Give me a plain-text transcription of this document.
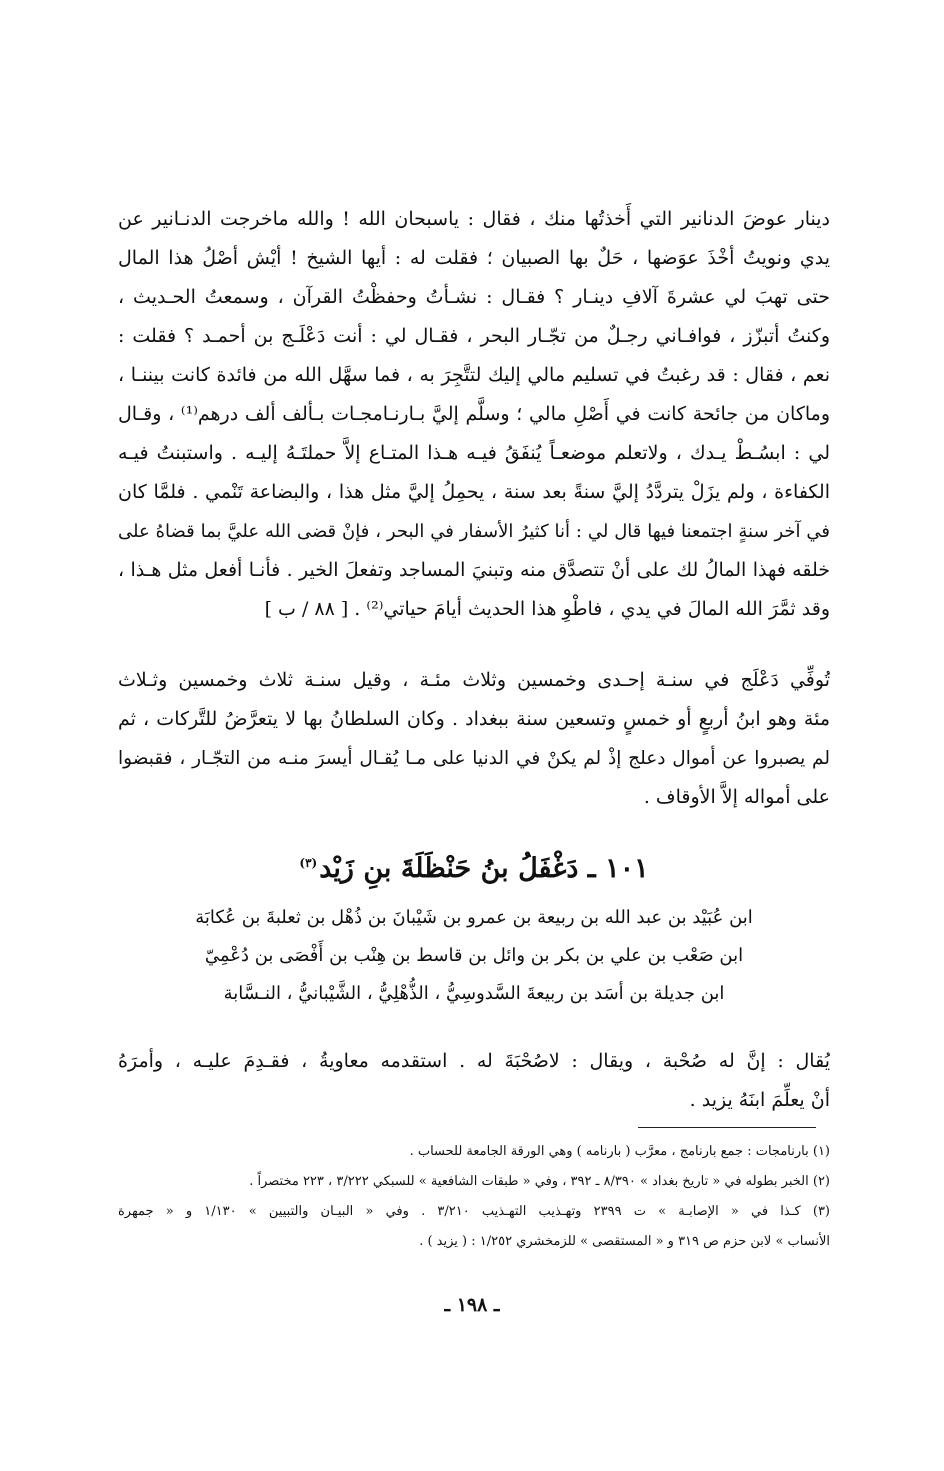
دينار عوضَ الدنانير التي أَخذتُها منك ، فقال : ياسبحان الله ! والله ماخرجت الدنـانير عن
يدي ونويتُ أخْذَ عوَضها ، حَلٌ بها الصبيان ؛ فقلت له : أيها الشيخ ! أيْش أصْلُ هذا المال
حتى تهبَ لي عشرةَ آلافِ دينـار ؟ فقـال : نشـأتُ وحفظْتُ القرآن ، وسمعتُ الحـديث ،
وكنتُ أتبزّز ، فوافـاني رجـلٌ من تجّـار البحر ، فقـال لي : أنت دَعْلَـج بن أحمـد ؟ فقلت :
نعم ، فقال : قد رغبتُ في تسليم مالي إليك لتتَّجِرَ به ، فما سهَّل الله من فائدة كانت بيننـا ،
وماكان من جائحة كانت في أَصْلِ مالي ؛ وسلَّم إليَّ بـارنـامجـات بـألف ألف درهم⁽¹⁾ ، وقـال
لي : ابسُـطْ يـدك ، ولاتعلم موضعـاً يُنفَقُ فيـه هـذا المتـاع إلاَّ حملتَـهُ إليـه . واستبنتُ فيـه
الكفاءة ، ولم يزَلْ يتردَّدُ إليَّ سنةً بعد سنة ، يحمِلُ إليَّ مثل هذا ، والبضاعة تَنْمي . فلمَّا كان
في آخر سنةٍ اجتمعنا فيها قال لي : أنا كثيرُ الأسفار في البحر ، فإنْ قضى الله عليَّ بما قضاهُ على
خلقه فهذا المالُ لك على أنْ تتصدَّق منه وتبنيَ المساجد وتفعلَ الخير . فأنـا أفعل مثل هـذا ،
وقد ثمَّرَ الله المالَ في يدي ، فاطْوِ هذا الحديث أيامَ حياتي⁽²⁾ . [ ٨٨ / ب ]
تُوفِّي دَعْلَج في سنـة إحـدى وخمسين وثلاث مئـة ، وقيل سنـة ثلاث وخمسين وثـلاث
مئة وهو ابنُ أربعٍ أو خمسٍ وتسعين سنة ببغداد . وكان السلطانُ بها لا يتعرَّضُ للتَّركات ، ثم
لم يصبروا عن أموال دعلج إذْ لم يكنْ في الدنيا على مـا يُقـال أيسرَ منـه من التجّـار ، فقبضوا
على أمواله إلاَّ الأوقاف .
١٠١ ـ دَغْفَلُ بنُ حَنْظَلَةَ بنِ زَيْد$^{(٣)}$
ابن عُبَيْد بن عبد الله بن ربيعة بن عمرو بن شَيْبانَ بن ذُهْل بن ثعلبةَ بن عُكابَة
ابن صَعْب بن علي بن بكر بن وائل بن قاسط بن هِنْب بن أَفْصَى بن دُعْمِيّ
ابن جديلة بن أسَد بن ربيعةَ السَّدوسِيُّ ، الذُّهْلِيُّ ، الشَّيْبانيُّ ، النـسَّابة
يُقال : إنَّ له صُحْبة ، ويقال : لاصُحْبَةَ له . استقدمه معاويةُ ، فقـدِمَ عليـه ، وأمرَهُ
أنْ يعلِّمَ ابنَهُ يزيد .
(١) بارنامجات : جمع بارنامج ، معرَّب ( بارنامه ) وهي الورقة الجامعة للحساب .
(٢) الخبر بطوله في « تاريخ بغداد » ٨/٣٩٠ ـ ٣٩٢ ، وفي « طبقات الشافعية » للسبكي ٣/٢٢٢ ، ٢٢٣ مختصراً .
(٣) كـذا في « الإصابـة » ت ٢٣٩٩ وتهـذيب التهـذيب ٣/٢١٠ . وفي « البيـان والتبيين » ١/١٣٠ و « جمهرة
الأنساب » لابن حزم ص ٣١٩ و « المستقصى » للزمخشري ١/٢٥٢ : ( يزيد ) .
ـ ١٩٨ ـ
